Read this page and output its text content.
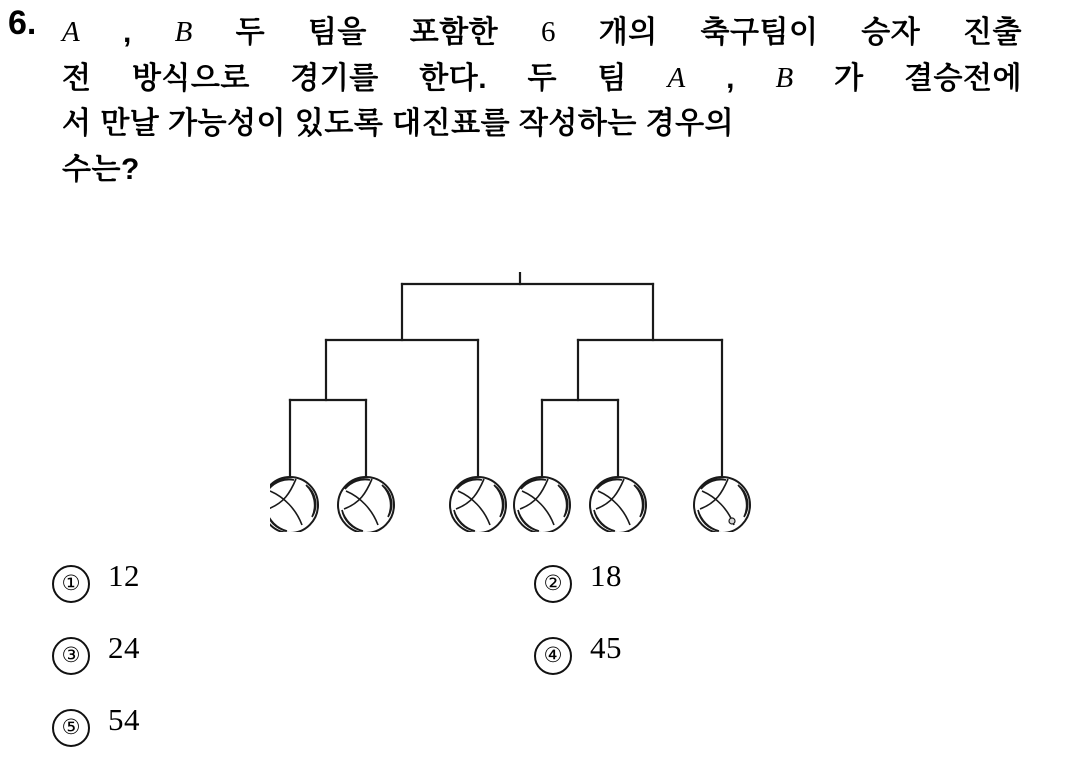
6. A , B 두 팀을 포함한 6 개의 축구팀이 승자 진출
전 방식으로 경기를 한다. 두 팀 A , B 가 결승전에
서 만날 가능성이 있도록 대진표를 작성하는 경우의
수는?
① 12	② 18
③ 24	④ 45
⑤ 54
